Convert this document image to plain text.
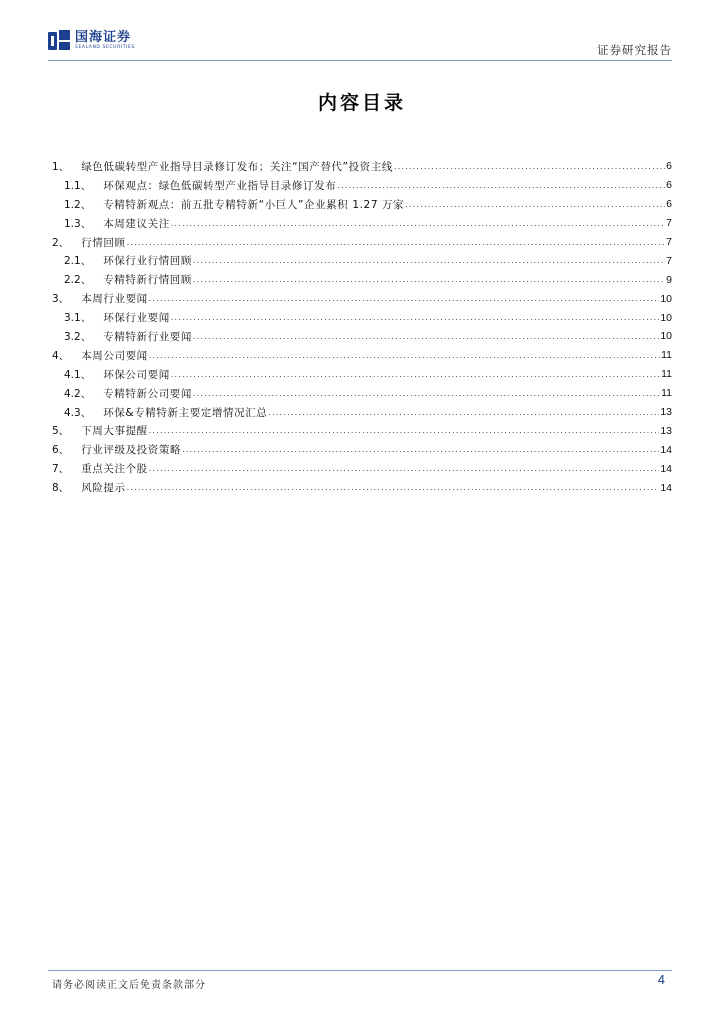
国海证券
SEALAND SECURITIES	证券研究报告
内容目录
1、 绿色低碳转型产业指导目录修订发布；关注“国产替代”投资主线 .....	6
1.1、 环保观点：绿色低碳转型产业指导目录修订发布 .....	6
1.2、 专精特新观点：前五批专精特新“小巨人”企业累积 1.27 万家 .....	6
1.3、 本周建议关注 .....	7
2、 行情回顾 .....	7
2.1、 环保行业行情回顾 .....	7
2.2、 专精特新行情回顾 .....	9
3、 本周行业要闻 .....	10
3.1、 环保行业要闻 .....	10
3.2、 专精特新行业要闻 .....	10
4、 本周公司要闻 .....	11
4.1、 环保公司要闻 .....	11
4.2、 专精特新公司要闻 .....	11
4.3、 环保&专精特新主要定增情况汇总 .....	13
5、 下周大事提醒 .....	13
6、 行业评级及投资策略 .....	14
7、 重点关注个股 .....	14
8、 风险提示 .....	14
请务必阅读正文后免责条款部分	4
